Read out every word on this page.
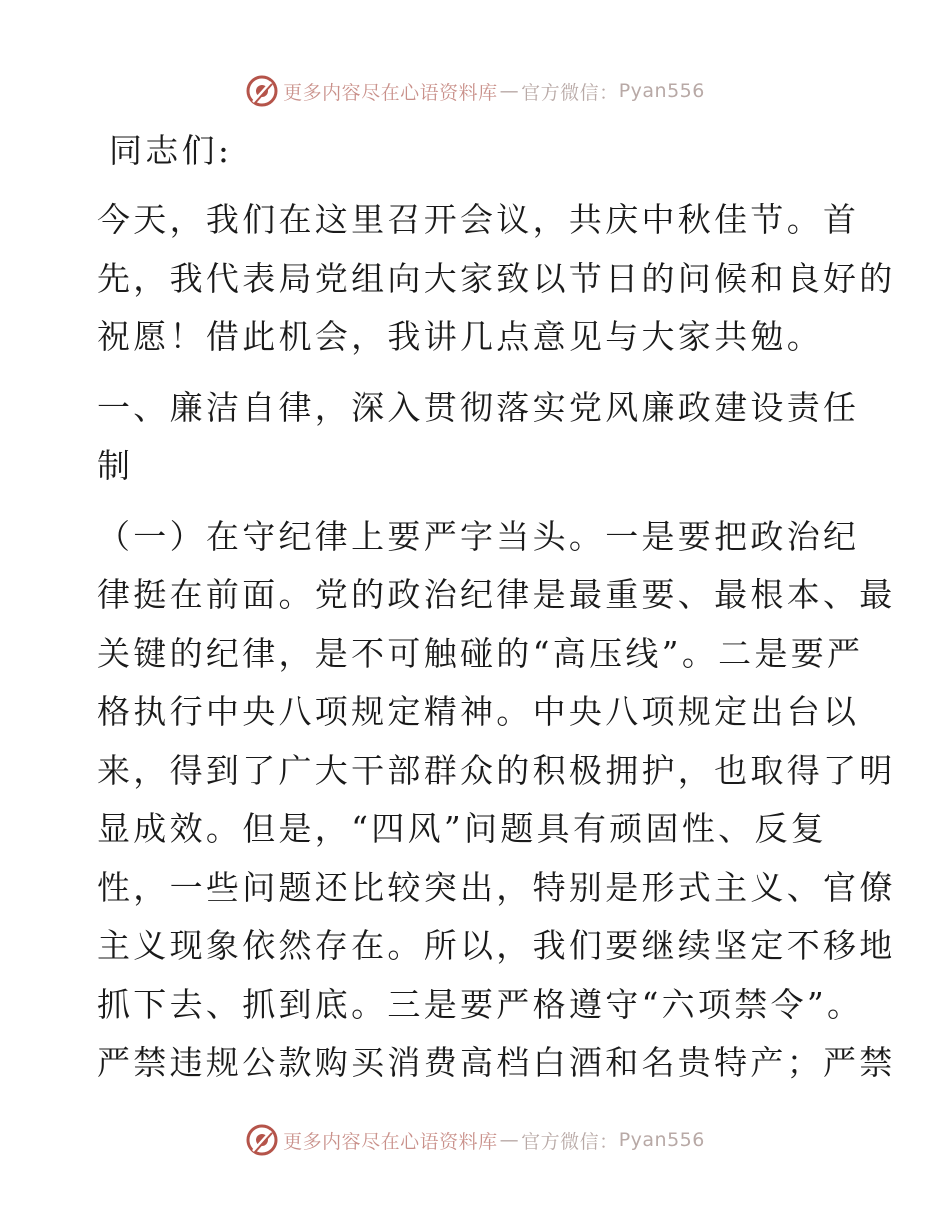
更多内容尽在心语资料库 — 官方微信： Pyan556
同志们:
今天，我们在这里召开会议，共庆中秋佳节。首
先，我代表局党组向大家致以节日的问候和良好的
祝愿！借此机会，我讲几点意见与大家共勉。
一、廉洁自律，深入贯彻落实党风廉政建设责任
制
（一）在守纪律上要严字当头。一是要把政治纪
律挺在前面。党的政治纪律是最重要、最根本、最
关键的纪律，是不可触碰的“高压线”。二是要严
格执行中央八项规定精神。中央八项规定出台以
来，得到了广大干部群众的积极拥护，也取得了明
显成效。但是，“四风”问题具有顽固性、反复
性，一些问题还比较突出，特别是形式主义、官僚
主义现象依然存在。所以，我们要继续坚定不移地
抓下去、抓到底。三是要严格遵守“六项禁令”。
严禁违规公款购买消费高档白酒和名贵特产；严禁
更多内容尽在心语资料库 — 官方微信： Pyan556
